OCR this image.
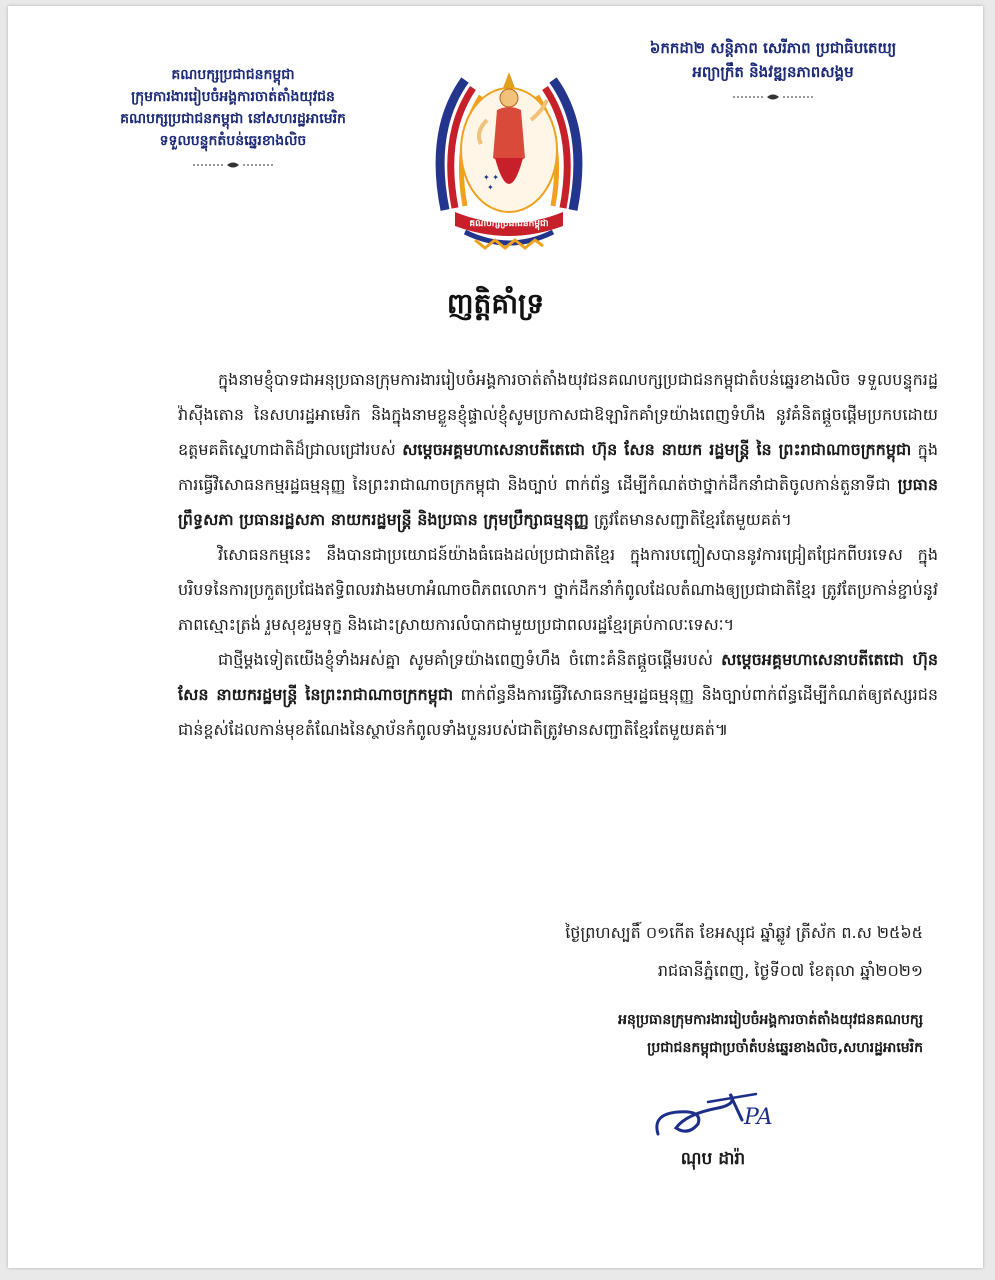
គណបក្សប្រជាជនកម្ពុជា
ក្រុមការងាររៀបចំអង្គការចាត់តាំងយុវជន
គណបក្សប្រជាជនកម្ពុជា នៅសហរដ្ឋអាមេរិក
ទទួលបន្ទុកតំបន់ឆ្នេរខាងលិច
៦កកដា២ សន្តិភាព សេរីភាព ប្រជាធិបតេយ្យ
អព្យាក្រឹត និងវឌ្ឍនភាពសង្គម
✦ ✦
✦
គណបក្សប្រជាជនកម្ពុជា
ញត្តិគាំទ្រ

ក្នុងនាមខ្ញុំបាទជាអនុប្រធានក្រុមការងាររៀបចំអង្គការចាត់តាំងយុវជនគណបក្សប្រជាជនកម្ពុជាតំបន់ឆ្នេរខាងលិច ទទួលបន្ទុករដ្ឋវ៉ាស៊ីងតោន នៃសហរដ្ឋអាមេរិក និងក្នុងនាមខ្លួនខ្ញុំផ្ទាល់ខ្ញុំសូមប្រកាសជាឱឡារិកគាំទ្រយ៉ាងពេញទំហឹង នូវគំនិតផ្តួចផ្តើមប្រកបដោយ ឧត្តមគតិស្នេហាជាតិដ៏ជ្រាលជ្រៅរបស់ សម្តេចអគ្គមហាសេនាបតីតេជោ ហ៊ុន សែន នាយក រដ្ឋមន្ត្រី នៃ ព្រះរាជាណាចក្រកម្ពុជា ក្នុងការធ្វើវិសោធនកម្មរដ្ឋធម្មនុញ្ញ នៃព្រះរាជាណាចក្រកម្ពុជា និងច្បាប់ ពាក់ព័ន្ធ ដើម្បីកំណត់ថាថ្នាក់ដឹកនាំជាតិចូលកាន់តួនាទីជា ប្រធានព្រឹទ្ធសភា ប្រធានរដ្ឋសភា នាយករដ្ឋមន្ត្រី និងប្រធាន ក្រុមប្រឹក្សាធម្មនុញ្ញ ត្រូវតែមានសញ្ជាតិខ្មែរតែមួយគត់។

វិសោធនកម្មនេះ នឹងបានជាប្រយោជន៍យ៉ាងធំធេងដល់ប្រជាជាតិខ្មែរ ក្នុងការបញ្ចៀសបាននូវការជ្រៀតជ្រែកពីបរទេស ក្នុងបរិបទនៃការប្រកួតប្រជែងឥទ្ធិពលរវាងមហាអំណាចពិភពលោក។ ថ្នាក់ដឹកនាំកំពូលដែលតំណាងឲ្យប្រជាជាតិខ្មែរ ត្រូវតែប្រកាន់ខ្ជាប់នូវភាពស្មោះត្រង់ រួមសុខរួមទុក្ខ និងដោះស្រាយការលំបាកជាមួយប្រជាពលរដ្ឋខ្មែរគ្រប់កាលៈទេសៈ។

ជាថ្មីម្តងទៀតយើងខ្ញុំទាំងអស់គ្នា សូមគាំទ្រយ៉ាងពេញទំហឹង ចំពោះគំនិតផ្តួចផ្តើមរបស់ សម្តេចអគ្គមហាសេនាបតីតេជោ ហ៊ុន សែន នាយករដ្ឋមន្ត្រី នៃព្រះរាជាណាចក្រកម្ពុជា ពាក់ព័ន្ធនឹងការធ្វើវិសោធនកម្មរដ្ឋធម្មនុញ្ញ និងច្បាប់ពាក់ព័ន្ធដើម្បីកំណត់ឲ្យឥស្សរជនជាន់ខ្ពស់ដែលកាន់មុខតំណែងនៃស្ថាប័នកំពូលទាំងបួនរបស់ជាតិត្រូវមានសញ្ជាតិខ្មែរតែមួយគត់៕

ថ្ងៃព្រហស្បតិ៍ ០១កើត ខែអស្សុជ ឆ្នាំឆ្លូវ ត្រីស័ក ព.ស ២៥៦៥
រាជធានីភ្នំពេញ, ថ្ងៃទី០៧ ខែតុលា ឆ្នាំ២០២១
អនុប្រធានក្រុមការងាររៀបចំអង្គការចាត់តាំងយុវជនគណបក្ស
ប្រជាជនកម្ពុជាប្រចាំតំបន់ឆ្នេរខាងលិច,សហរដ្ឋអាមេរិក
PA
ណុប ដារ៉ា
